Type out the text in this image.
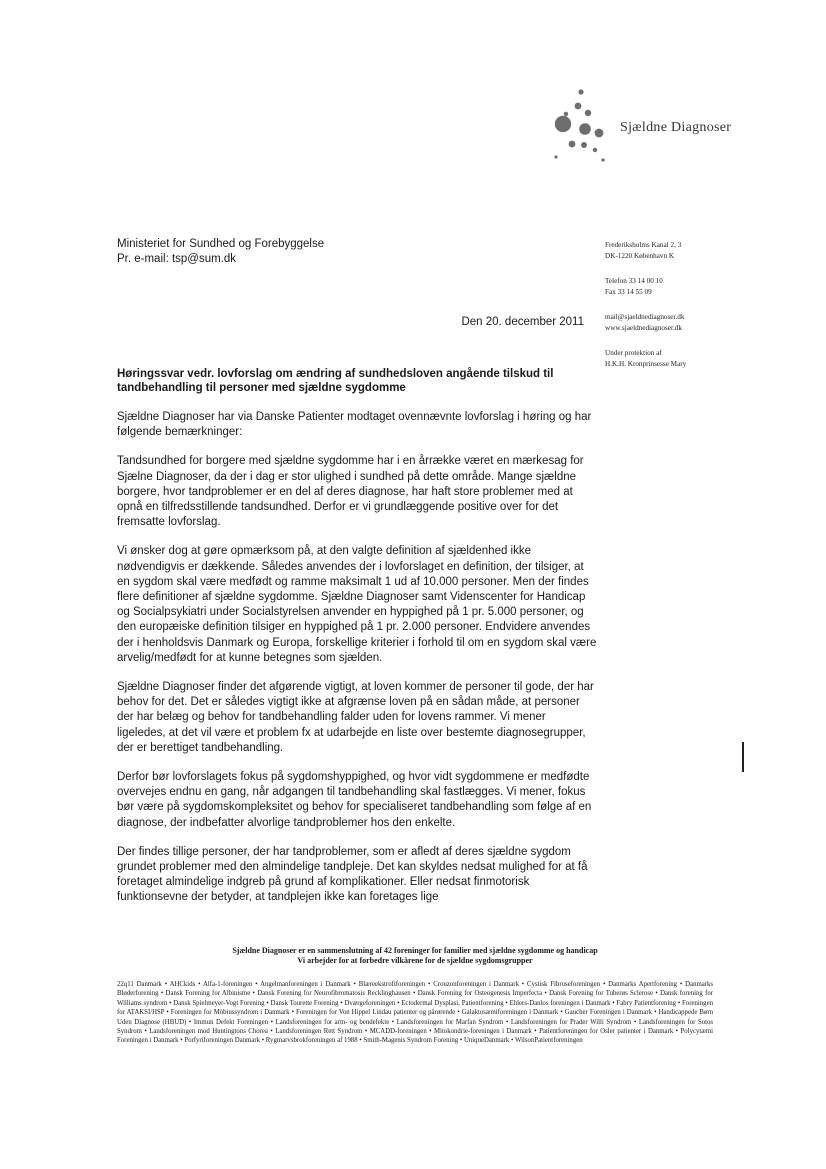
Sjældne Diagnoser
Ministeriet for Sundhed og Forebyggelse
Pr. e-mail: tsp@sum.dk
Frederiksholms Kanal 2, 3
DK-1220 København K
Telefon 33 14 00 10
Fax 33 14 55 09
mail@sjaeldnediagnoser.dk
www.sjaeldnediagnoser.dk
Under protektion af
H.K.H. Kronprinsesse Mary
Den 20. december 2011
Høringssvar vedr. lovforslag om ændring af sundhedsloven angående tilskud til tandbehandling til personer med sjældne sygdomme

Sjældne Diagnoser har via Danske Patienter modtaget ovennævnte lovforslag i høring og har følgende bemærkninger:

Tandsundhed for borgere med sjældne sygdomme har i en årrække været en mærkesag for Sjælne Diagnoser, da der i dag er stor ulighed i sundhed på dette område. Mange sjældne borgere, hvor tandproblemer er en del af deres diagnose, har haft store problemer med at opnå en tilfredsstillende tandsundhed. Derfor er vi grundlæggende positive over for det fremsatte lovforslag.

Vi ønsker dog at gøre opmærksom på, at den valgte definition af sjældenhed ikke nødvendigvis er dækkende. Således anvendes der i lovforslaget en definition, der tilsiger, at en sygdom skal være medfødt og ramme maksimalt 1 ud af 10.000 personer. Men der findes flere definitioner af sjældne sygdomme. Sjældne Diagnoser samt Videnscenter for Handicap og Socialpsykiatri under Socialstyrelsen anvender en hyppighed på 1 pr. 5.000 personer, og den europæiske definition tilsiger en hyppighed på 1 pr. 2.000 personer. Endvidere anvendes der i henholdsvis Danmark og Europa, forskellige kriterier i forhold til om en sygdom skal være arvelig/medfødt for at kunne betegnes som sjælden.

Sjældne Diagnoser finder det afgørende vigtigt, at loven kommer de personer til gode, der har behov for det. Det er således vigtigt ikke at afgrænse loven på en sådan måde, at personer der har belæg og behov for tandbehandling falder uden for lovens rammer. Vi mener ligeledes, at det vil være et problem fx at udarbejde en liste over bestemte diagnosegrupper, der er berettiget tandbehandling.

Derfor bør lovforslagets fokus på sygdomshyppighed, og hvor vidt sygdommene er medfødte overvejes endnu en gang, når adgangen til tandbehandling skal fastlægges. Vi mener, fokus bør være på sygdomskompleksitet og behov for specialiseret tandbehandling som følge af en diagnose, der indbefatter alvorlige tandproblemer hos den enkelte.

Der findes tillige personer, der har tandproblemer, som er afledt af deres sjældne sygdom grundet problemer med den almindelige tandpleje. Det kan skyldes nedsat mulighed for at få foretaget almindelige indgreb på grund af komplikationer. Eller nedsat finmotorisk funktionsevne der betyder, at tandplejen ikke kan foretages lige

Sjældne Diagnoser er en sammenslutning af 42 foreninger for familier med sjældne sygdomme og handicap
Vi arbejder for at forbedre vilkårene for de sjældne sygdomsgrupper
22q11 Danmark • AHCkids • Alfa-1-foreningen • Angelmanforeningen i Danmark • Blæreekstrofiforeningen • Crouzonforeningen i Danmark • Cystisk Fibroseforeningen • Danmarks Apertforening • Danmarks Bløderforening • Dansk Forening for Albinisme • Dansk Forening for Neurofibromatosis Recklinghausen • Dansk Forening for Osteogenesis Imperfecta • Dansk Forening for Tuberøs Sclerose • Dansk forening for Williams syndrom • Dansk Spielmeyer-Vogt Forening • Dansk Tourette Forening • Dværgeforeningen • Ectodermal Dysplasi, Patientforening • Ehlers-Danlos foreningen i Danmark • Fabry Patientforening • Foreningen for ATAKSI/HSP • Foreningen for Möbiussyndrom i Danmark • Foreningen for Von Hippel Lindau patienter og pårørende • Galaktosæmiforeningen i Danmark • Gaucher Foreningen i Danmark • Handicappede Børn Uden Diagnose (HBUD) • Immun Defekt Foreningen • Landsforeningen for arm- og bendefekte • Landsforeningen for Marfan Syndrom • Landsforeningen for Prader Willi Syndrom • Landsforeningen for Sotos Syndrom • Landsforeningen mod Huntingtons Chorea • Landsforeningen Rett Syndrom • MCADD-foreningen • Mitokondrie-foreningen i Danmark • Patientforeningen for Osler patienter i Danmark • Polycytæmi Foreningen i Danmark • Porfyriforeningen Danmark • Rygmarvsbrokforeningen af 1988 • Smith-Magenis Syndrom Forening • UniqueDanmark • WilsonPatientforeningen
